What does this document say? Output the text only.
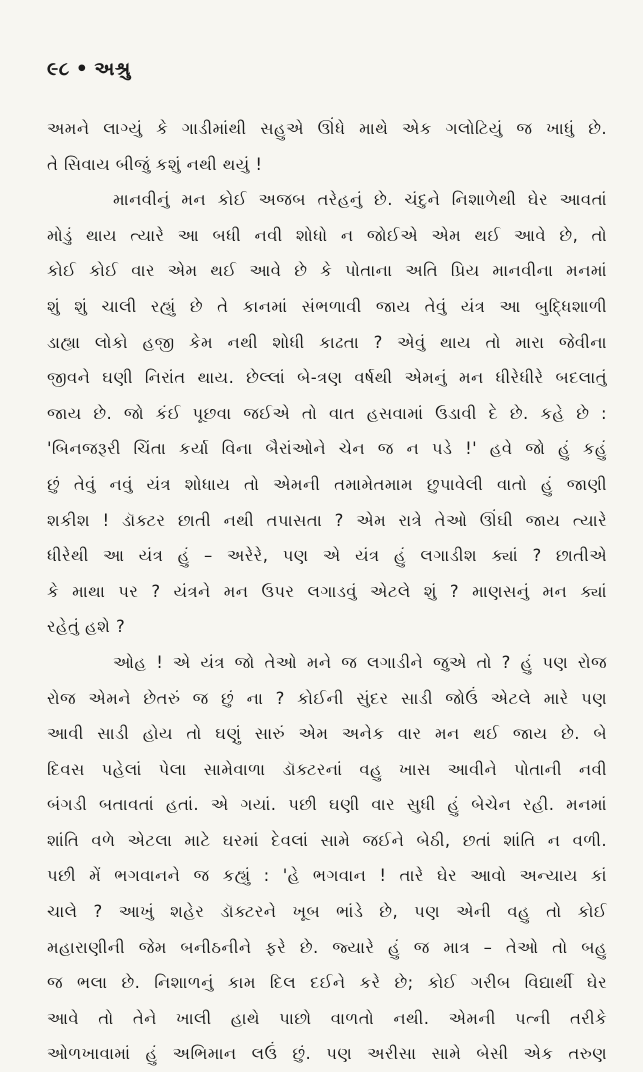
૯૮ • અશ્રુ
અમને લાગ્યું કે ગાડીમાંથી સહુએ ઊંધે માથે એક ગલોટિયું જ ખાધું છે.
તે સિવાય બીજું કશું નથી થયું !
માનવીનું મન કોઈ અજબ તરેહનું છે. ચંદુને નિશાળેથી ઘેર આવતાં
મોડું થાય ત્યારે આ બધી નવી શોધો ન જોઈએ એમ થઈ આવે છે, તો
કોઈ કોઈ વાર એમ થઈ આવે છે કે પોતાના અતિ પ્રિય માનવીના મનમાં
શું શું ચાલી રહ્યું છે તે કાનમાં સંભળાવી જાય તેવું યંત્ર આ બુદ્ધિશાળી
ડાહ્યા લોકો હજી કેમ નથી શોધી કાઢતા ? એવું થાય તો મારા જેવીના
જીવને ઘણી નિરાંત થાય. છેલ્લાં બે-ત્રણ વર્ષથી એમનું મન ધીરેધીરે બદલાતું
જાય છે. જો કંઈ પૂછવા જઈએ તો વાત હસવામાં ઉડાવી દે છે. કહે છે :
'બિનજરૂરી ચિંતા કર્યા વિના બૈરાંઓને ચેન જ ન પડે !' હવે જો હું કહું
છું તેવું નવું યંત્ર શોધાય તો એમની તમામેતમામ છુપાવેલી વાતો હું જાણી
શકીશ ! ડૉક્ટર છાતી નથી તપાસતા ? એમ રાત્રે તેઓ ઊંઘી જાય ત્યારે
ધીરેથી આ યંત્ર હું – અરેરે, પણ એ યંત્ર હું લગાડીશ ક્યાં ? છાતીએ
કે માથા પર ? યંત્રને મન ઉપર લગાડવું એટલે શું ? માણસનું મન ક્યાં
રહેતું હશે ?
ઓહ ! એ યંત્ર જો તેઓ મને જ લગાડીને જુએ તો ? હું પણ રોજ
રોજ એમને છેતરું જ છું ના ? કોઈની સુંદર સાડી જોઉં એટલે મારે પણ
આવી સાડી હોય તો ઘણું સારું એમ અનેક વાર મન થઈ જાય છે. બે
દિવસ પહેલાં પેલા સામેવાળા ડૉક્ટરનાં વહુ ખાસ આવીને પોતાની નવી
બંગડી બતાવતાં હતાં. એ ગયાં. પછી ઘણી વાર સુધી હું બેચેન રહી. મનમાં
શાંતિ વળે એટલા માટે ઘરમાં દેવલાં સામે જઈને બેઠી, છતાં શાંતિ ન વળી.
પછી મેં ભગવાનને જ કહ્યું : 'હે ભગવાન ! તારે ઘેર આવો અન્યાય કાં
ચાલે ? આખું શહેર ડૉક્ટરને ખૂબ ભાંડે છે, પણ એની વહુ તો કોઈ
મહારાણીની જેમ બનીઠનીને ફરે છે. જ્યારે હું જ માત્ર – તેઓ તો બહુ
જ ભલા છે. નિશાળનું કામ દિલ દઈને કરે છે; કોઈ ગરીબ વિદ્યાર્થી ઘેર
આવે તો તેને ખાલી હાથે પાછો વાળતો નથી. એમની પત્ની તરીકે
ઓળખાવામાં હું અભિમાન લઉં છું. પણ અરીસા સામે બેસી એક તરુણ
